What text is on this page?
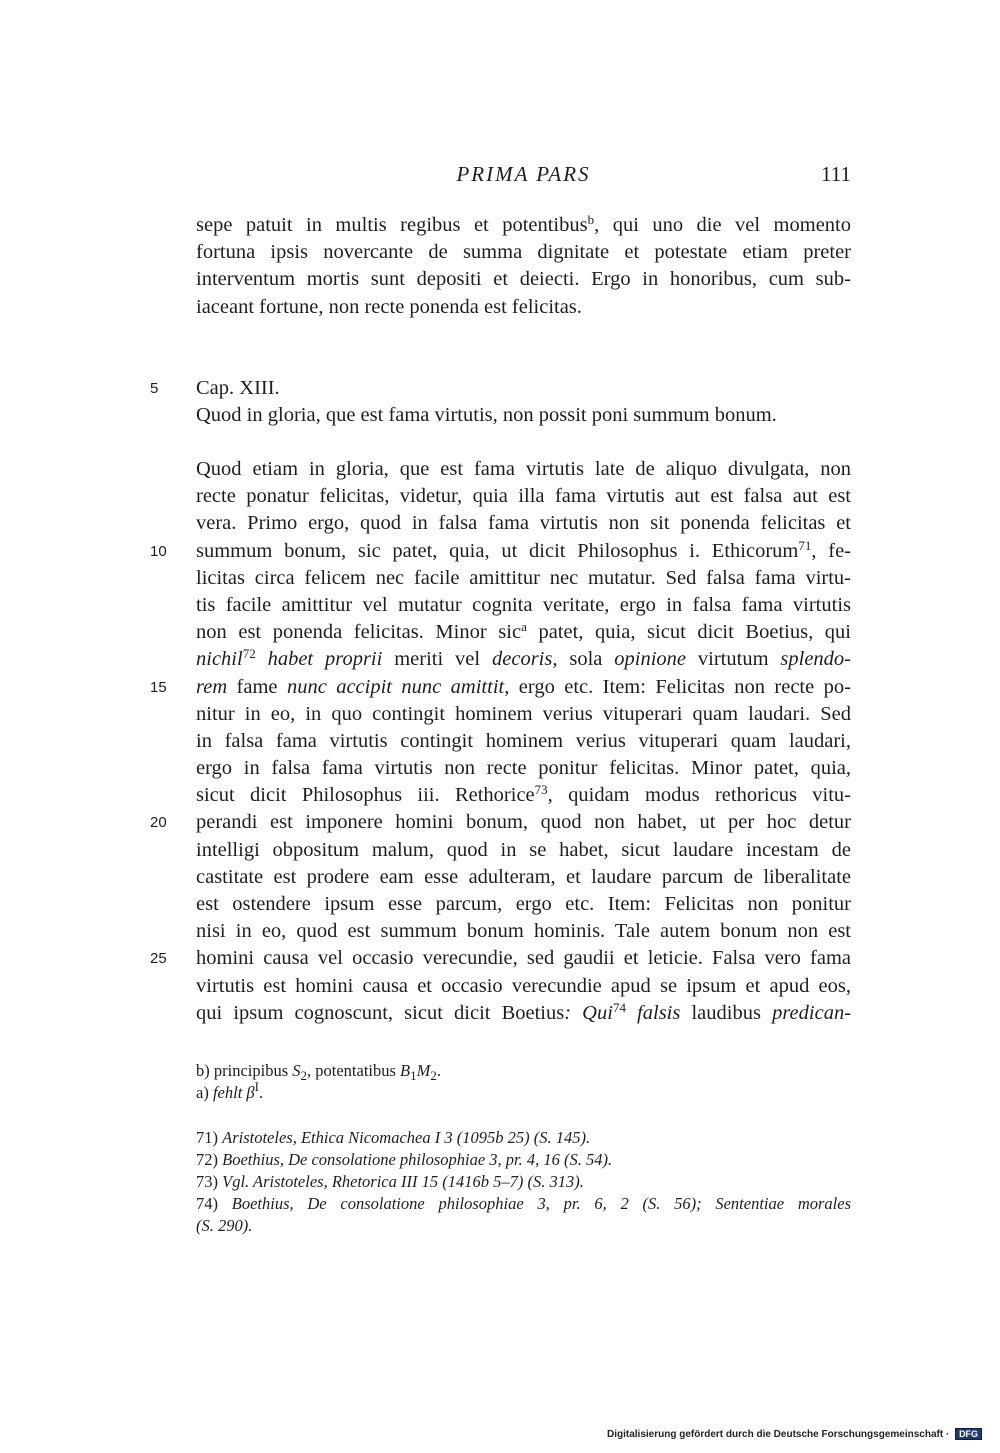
PRIMA PARS	111
sepe patuit in multis regibus et potentibus$^b$, qui uno die vel momento
fortuna ipsis novercante de summa dignitate et potestate etiam preter
interventum mortis sunt depositi et deiecti. Ergo in honoribus, cum sub-
iaceant fortune, non recte ponenda est felicitas.
5 Cap. XIII.
Quod in gloria, que est fama virtutis, non possit poni summum bonum.
Quod etiam in gloria, que est fama virtutis late de aliquo divulgata, non
recte ponatur felicitas, videtur, quia illa fama virtutis aut est falsa aut est
vera. Primo ergo, quod in falsa fama virtutis non sit ponenda felicitas et
10 summum bonum, sic patet, quia, ut dicit Philosophus i. Ethicorum$^{71}$, fe-
licitas circa felicem nec facile amittitur nec mutatur. Sed falsa fama virtu-
tis facile amittitur vel mutatur cognita veritate, ergo in falsa fama virtutis
non est ponenda felicitas. Minor sic$^a$ patet, quia, sicut dicit Boetius, qui
nichil$^{72}$ habet proprii meriti vel decoris, sola opinione virtutum splendo-
15 rem fame nunc accipit nunc amittit, ergo etc. Item: Felicitas non recte po-
nitur in eo, in quo contingit hominem verius vituperari quam laudari. Sed
in falsa fama virtutis contingit hominem verius vituperari quam laudari,
ergo in falsa fama virtutis non recte ponitur felicitas. Minor patet, quia,
sicut dicit Philosophus iii. Rethorice$^{73}$, quidam modus rethoricus vitu-
20 perandi est imponere homini bonum, quod non habet, ut per hoc detur
intelligi obpositum malum, quod in se habet, sicut laudare incestam de
castitate est prodere eam esse adulteram, et laudare parcum de liberalitate
est ostendere ipsum esse parcum, ergo etc. Item: Felicitas non ponitur
nisi in eo, quod est summum bonum hominis. Tale autem bonum non est
25 homini causa vel occasio verecundie, sed gaudii et leticie. Falsa vero fama
virtutis est homini causa et occasio verecundie apud se ipsum et apud eos,
qui ipsum cognoscunt, sicut dicit Boetius: Qui$^{74}$ falsis laudibus predican-
b) principibus $S_2$, potentatibus $B_1M_2$.
a) fehlt $\beta^I$.
71) Aristoteles, Ethica Nicomachea I 3 (1095b 25) (S. 145).
72) Boethius, De consolatione philosophiae 3, pr. 4, 16 (S. 54).
73) Vgl. Aristoteles, Rhetorica III 15 (1416b 5–7) (S. 313).
74) Boethius, De consolatione philosophiae 3, pr. 6, 2 (S. 56); Sententiae morales
(S. 290).
Digitalisierung gefördert durch die Deutsche Forschungsgemeinschaft · DFG
